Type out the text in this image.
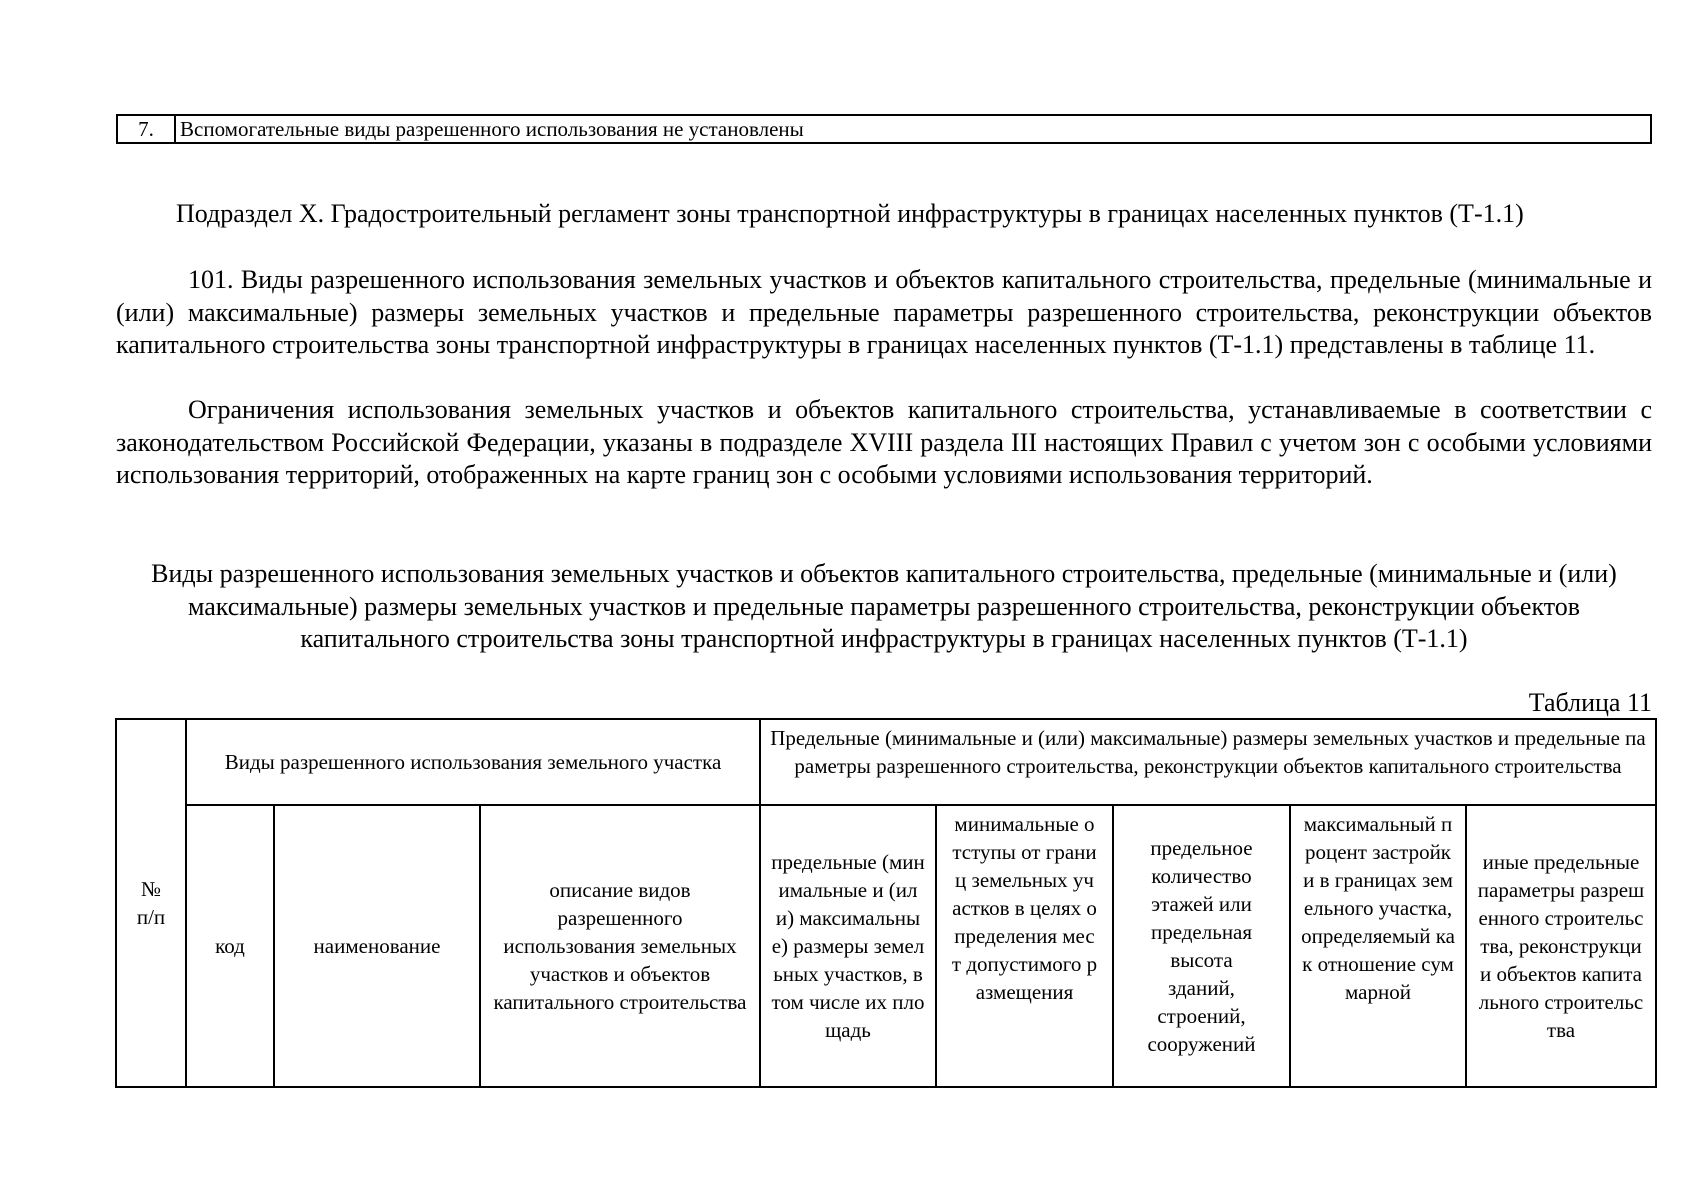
7.	Вспомогательные виды разрешенного использования не установлены
Подраздел X. Градостроительный регламент зоны транспортной инфраструктуры в границах населенных пунктов (Т-1.1)

101. Виды разрешенного использования земельных участков и объектов капитального строительства, предельные (минимальные и (или) максимальные) размеры земельных участков и предельные параметры разрешенного строительства, реконструкции объектов капитального строительства зоны транспортной инфраструктуры в границах населенных пунктов (Т-1.1) представлены в таблице 11.

Ограничения использования земельных участков и объектов капитального строительства, устанавливаемые в соответствии с законодательством Российской Федерации, указаны в подразделе XVIII раздела III настоящих Правил с учетом зон с особыми условиями использования территорий, отображенных на карте границ зон с особыми условиями использования территорий.

Виды разрешенного использования земельных участков и объектов капитального строительства, предельные (минимальные и (или) максимальные) размеры земельных участков и предельные параметры разрешенного строительства, реконструкции объектов капитального строительства зоны транспортной инфраструктуры в границах населенных пунктов (Т-1.1)

Таблица 11
№ п/п	Виды разрешенного использования земельного участка			Предельные (минимальные и (или) максимальные) размеры земельных участков и предельные параметры разрешенного строительства, реконструкции объектов капитального строительства				

	код	наименование	описание видов разрешенного использования земельных участков и объектов капитального строительства	предельные (минимальные и (или) максимальные) размеры земельных участков, в том числе их площадь	минимальные отступы от границ земельных участков в целях определения мест допустимого размещения	предельное количество этажей или предельная высота зданий, строений, сооружений	максимальный процент застройки в границах земельного участка, определяемый как отношение суммарной	иные предельные параметры разрешенного строительства, реконструкции объектов капитального строительства
